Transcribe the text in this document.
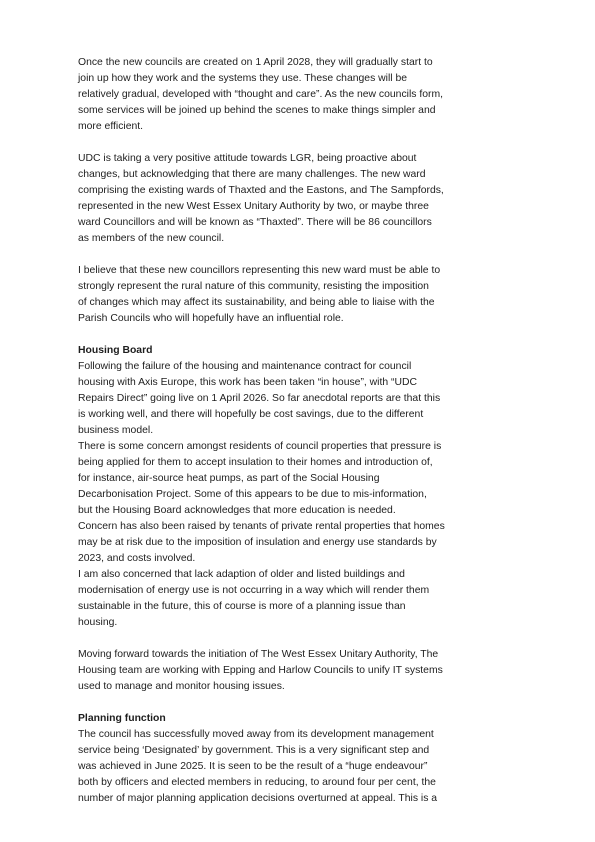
Once the new councils are created on 1 April 2028, they will gradually start to
join up how they work and the systems they use. These changes will be
relatively gradual, developed with “thought and care”. As the new councils form,
some services will be joined up behind the scenes to make things simpler and
more efficient.
UDC is taking a very positive attitude towards LGR, being proactive about
changes, but acknowledging that there are many challenges. The new ward
comprising the existing wards of Thaxted and the Eastons, and The Sampfords,
represented in the new West Essex Unitary Authority by two, or maybe three
ward Councillors and will be known as “Thaxted”. There will be 86 councillors
as members of the new council.
I believe that these new councillors representing this new ward must be able to
strongly represent the rural nature of this community, resisting the imposition
of changes which may affect its sustainability, and being able to liaise with the
Parish Councils who will hopefully have an influential role.
Housing Board
Following the failure of the housing and maintenance contract for council
housing with Axis Europe, this work has been taken “in house”, with “UDC
Repairs Direct” going live on 1 April 2026. So far anecdotal reports are that this
is working well, and there will hopefully be cost savings, due to the different
business model.
There is some concern amongst residents of council properties that pressure is
being applied for them to accept insulation to their homes and introduction of,
for instance, air-source heat pumps, as part of the Social Housing
Decarbonisation Project. Some of this appears to be due to mis-information,
but the Housing Board acknowledges that more education is needed.
Concern has also been raised by tenants of private rental properties that homes
may be at risk due to the imposition of insulation and energy use standards by
2023, and costs involved.
I am also concerned that lack adaption of older and listed buildings and
modernisation of energy use is not occurring in a way which will render them
sustainable in the future, this of course is more of a planning issue than
housing.
Moving forward towards the initiation of The West Essex Unitary Authority, The
Housing team are working with Epping and Harlow Councils to unify IT systems
used to manage and monitor housing issues.
Planning function
The council has successfully moved away from its development management
service being ‘Designated’ by government. This is a very significant step and
was achieved in June 2025. It is seen to be the result of a “huge endeavour”
both by officers and elected members in reducing, to around four per cent, the
number of major planning application decisions overturned at appeal. This is a
